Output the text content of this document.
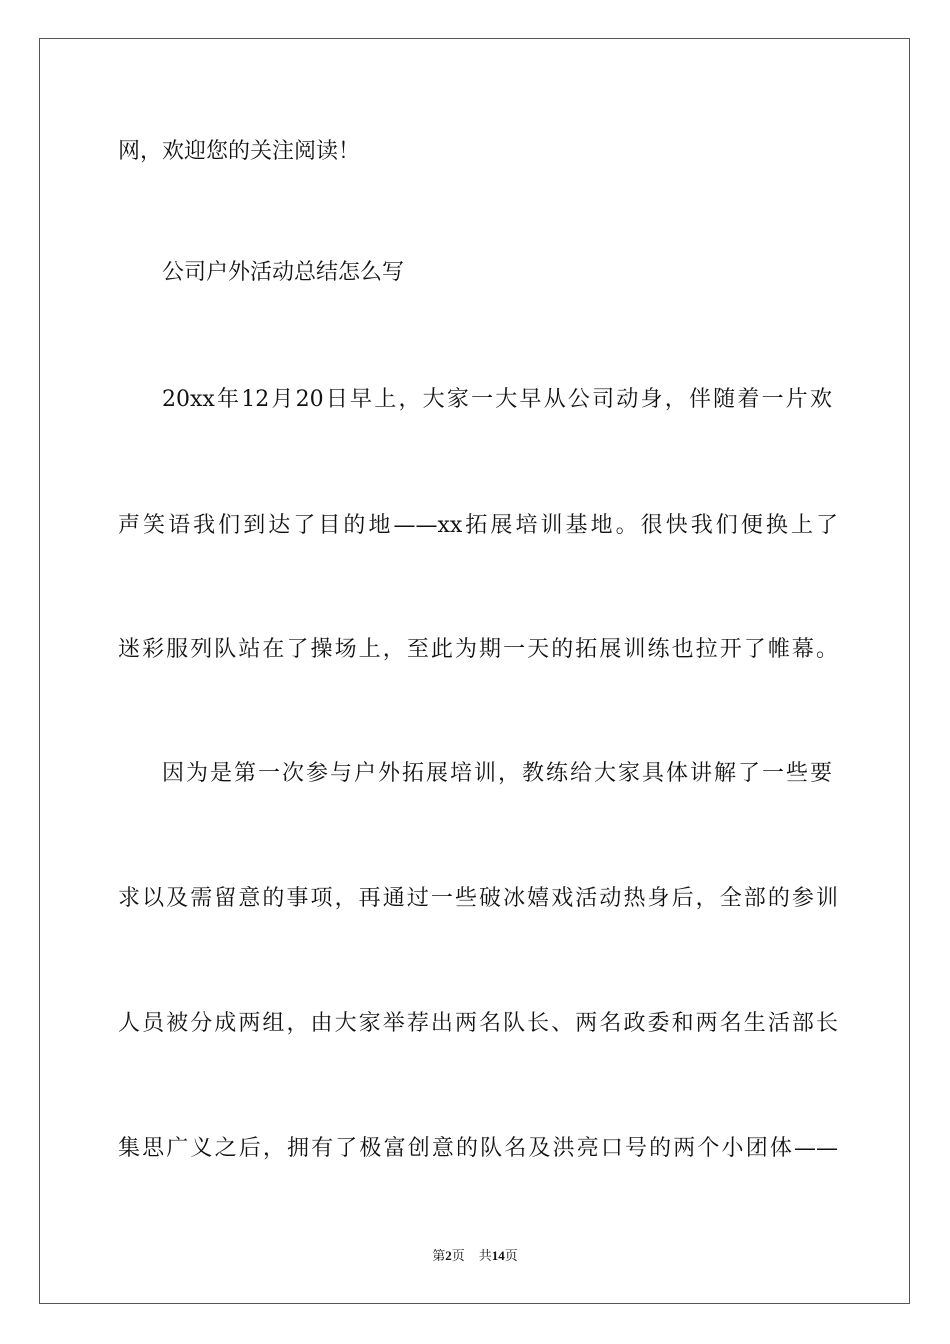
网，欢迎您的关注阅读！
公司户外活动总结怎么写
20xx年12月20日早上，大家一大早从公司动身，伴随着一片欢
声笑语我们到达了目的地——xx拓展培训基地。很快我们便换上了
迷彩服列队站在了操场上，至此为期一天的拓展训练也拉开了帷幕。
因为是第一次参与户外拓展培训，教练给大家具体讲解了一些要
求以及需留意的事项，再通过一些破冰嬉戏活动热身后，全部的参训
人员被分成两组，由大家举荐出两名队长、两名政委和两名生活部长
集思广义之后，拥有了极富创意的队名及洪亮口号的两个小团体——
第2页 共14页
